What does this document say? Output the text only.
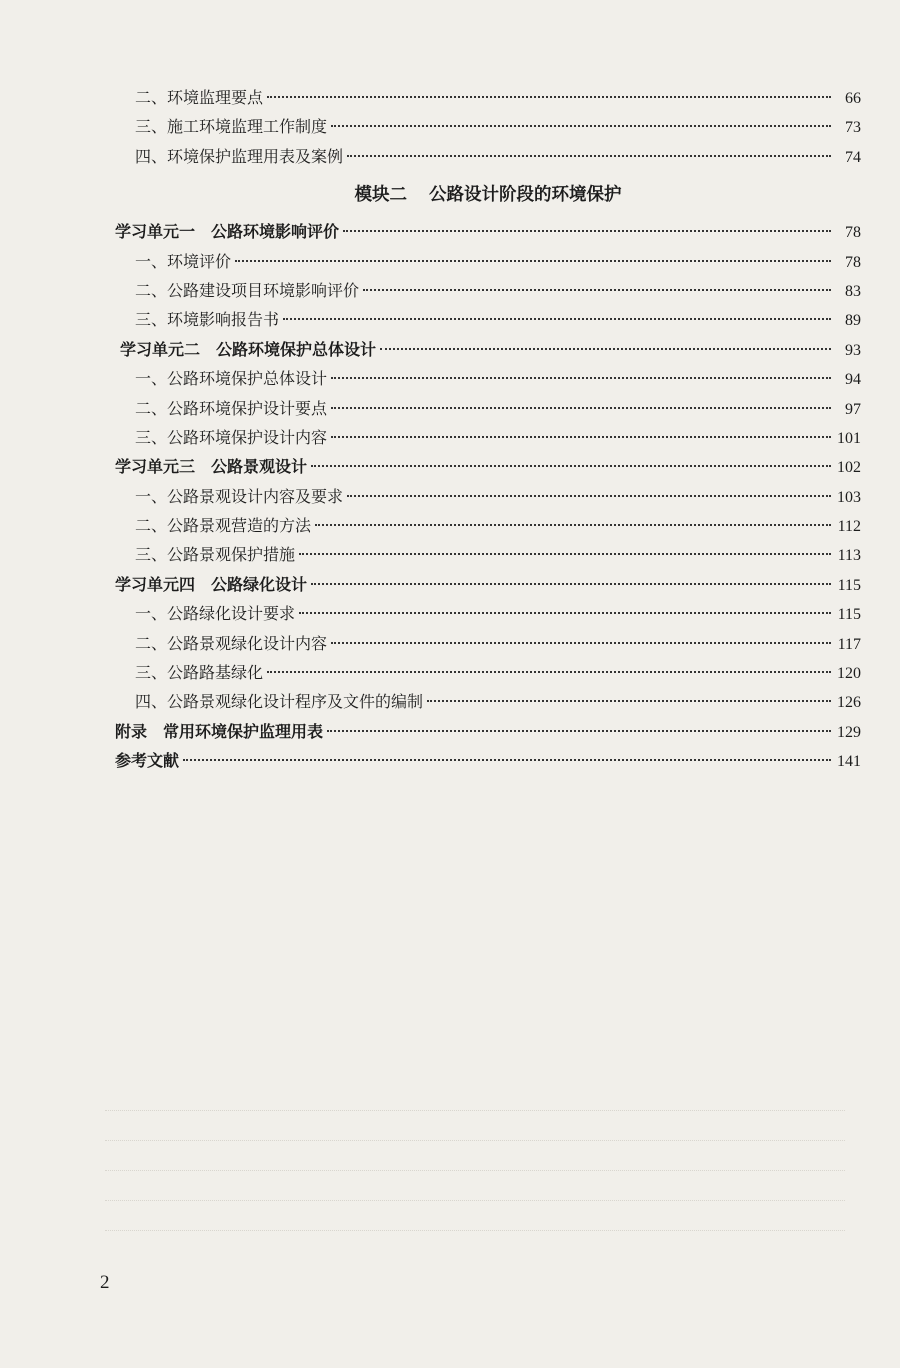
二、环境监理要点	66
三、施工环境监理工作制度	73
四、环境保护监理用表及案例	74
模块二 公路设计阶段的环境保护
学习单元一　公路环境影响评价	78
一、环境评价	78
二、公路建设项目环境影响评价	83
三、环境影响报告书	89
学习单元二　公路环境保护总体设计	93
一、公路环境保护总体设计	94
二、公路环境保护设计要点	97
三、公路环境保护设计内容	101
学习单元三　公路景观设计	102
一、公路景观设计内容及要求	103
二、公路景观营造的方法	112
三、公路景观保护措施	113
学习单元四　公路绿化设计	115
一、公路绿化设计要求	115
二、公路景观绿化设计内容	117
三、公路路基绿化	120
四、公路景观绿化设计程序及文件的编制	126
附录　常用环境保护监理用表	129
参考文献	141
2
